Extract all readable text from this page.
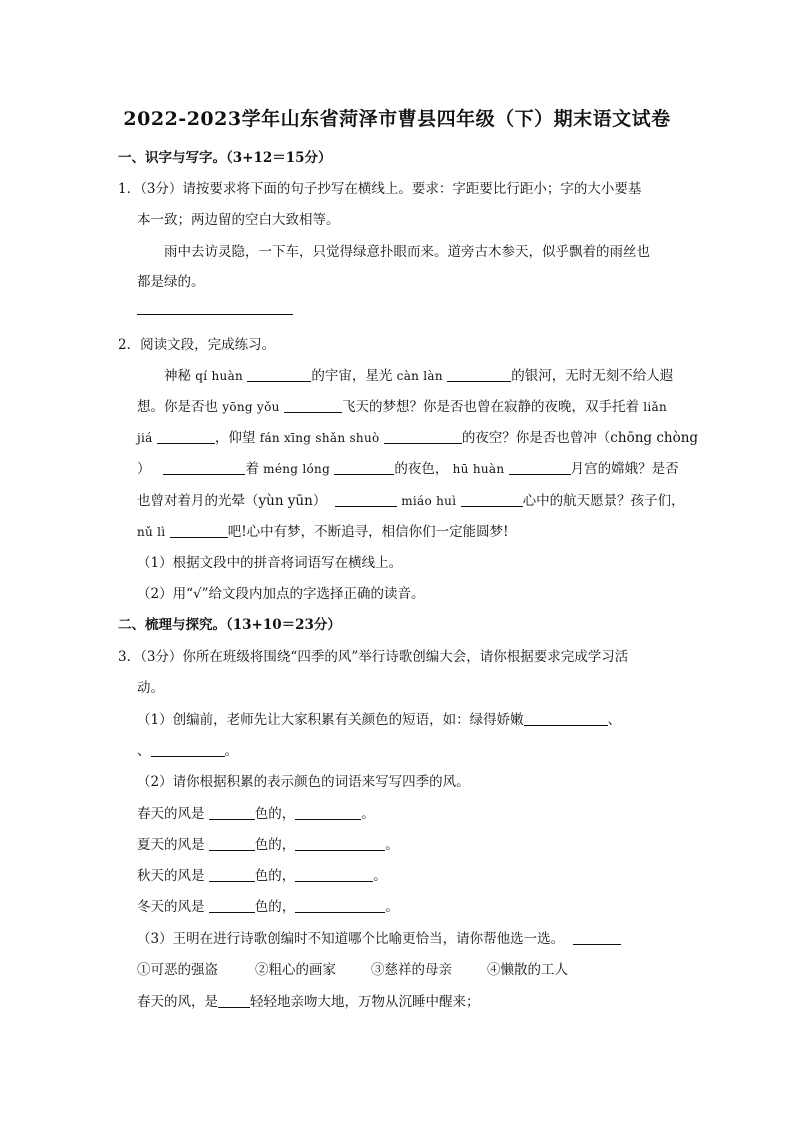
2022-2023学年山东省菏泽市曹县四年级（下）期末语文试卷
一、识字与写字。（3+12＝15分）
1．（3分）请按要求将下面的句子抄写在横线上。要求：字距要比行距小；字的大小要基
本一致；两边留的空白大致相等。
雨中去访灵隐，一下车，只觉得绿意扑眼而来。道旁古木参天，似乎飘着的雨丝也
都是绿的。
2．阅读文段，完成练习。
神秘 qí huàn	的宇宙，星光 càn làn	的银河，无时无刻不给人遐
想。你是否也 yōng yǒu	飞天的梦想？你是否也曾在寂静的夜晚，双手托着 liǎn
jiá	，仰望 fán xīng shǎn shuò	的夜空？你是否也曾冲（chōng chòng
）	着 méng lóng	的夜色， hū huàn	月宫的嫦娥？是否
也曾对着月的光晕（yùn yūn）	miáo huì	心中的航天愿景？孩子们，
nǔ lì	吧!心中有梦，不断追寻，相信你们一定能圆梦!
（1）根据文段中的拼音将词语写在横线上。
（2）用“√”给文段内加点的字选择正确的读音。
二、梳理与探究。（13+10＝23分）
3．（3分）你所在班级将围绕“四季的风”举行诗歌创编大会，请你根据要求完成学习活
动。
（1）创编前，老师先让大家积累有关颜色的短语，如：绿得娇嫩	、
、	。
（2）请你根据积累的表示颜色的词语来写写四季的风。
春天的风是	色的，	。
夏天的风是	色的，	。
秋天的风是	色的，	。
冬天的风是	色的，	。
（3）王明在进行诗歌创编时不知道哪个比喻更恰当，请你帮他选一选。
①可恶的强盗	②粗心的画家	③慈祥的母亲	④懒散的工人
春天的风，是 轻轻地亲吻大地，万物从沉睡中醒来；
